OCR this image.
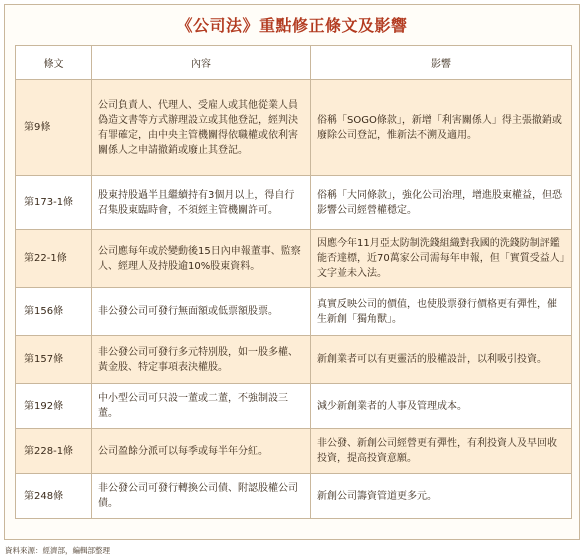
《公司法》重點修正條文及影響
條文	內容	影響
第9條	公司負責人、代理人、受雇人或其他從業人員偽造文書等方式辦理設立或其他登記，經判決有罪確定，由中央主管機關得依職權或依利害關係人之申請撤銷或廢止其登記。	俗稱「SOGO條款」，新增「利害關係人」得主張撤銷或廢除公司登記，惟新法不溯及適用。
第173-1條	股東持股過半且繼續持有3個月以上，得自行召集股東臨時會，不須經主管機關許可。	俗稱「大同條款」，強化公司治理，增進股東權益，但恐影響公司經營權穩定。
第22-1條	公司應每年或於變動後15日內申報董事、監察人、經理人及持股逾10%股東資料。	因應今年11月亞太防制洗錢組織對我國的洗錢防制評鑑能否達標，近70萬家公司需每年申報，但「實質受益人」文字並未入法。
第156條	非公發公司可發行無面額或低票額股票。	真實反映公司的價值，也使股票發行價格更有彈性，催生新創「獨角獸」。
第157條	非公發公司可發行多元特別股，如一股多權、黃金股、特定事項表決權股。	新創業者可以有更靈活的股權設計，以利吸引投資。
第192條	中小型公司可只設一董或二董，不強制設三董。	減少新創業者的人事及管理成本。
第228-1條	公司盈餘分派可以每季或每半年分紅。	非公發、新創公司經營更有彈性，有利投資人及早回收投資，提高投資意願。
第248條	非公發公司可發行轉換公司債、附認股權公司債。	新創公司籌資管道更多元。
資料來源：經濟部，編輯部整理
